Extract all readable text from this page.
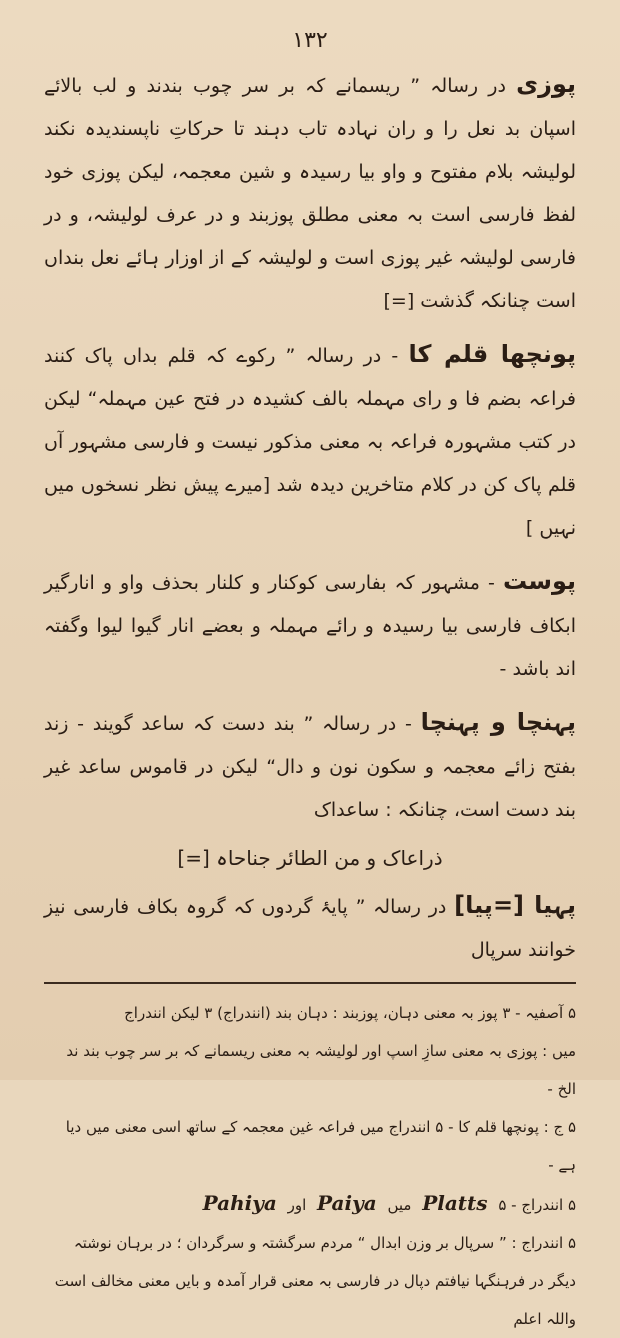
۱۳۲

پوزی در رسالہ ” ریسمانے کہ بر سر چوب بندند و لب بالائے اسپان بد نعل را و ران نہادہ تاب دہند تا حرکاتِ ناپسندیدہ نکند لولیشہ بلام مفتوح و واو بیا رسیدہ و شین معجمہ، لیکن پوزی خود لفظ فارسی است بہ معنی مطلق پوزبند و در عرف لولیشہ، و در فارسی لولیشہ غیر پوزی است و لولیشہ کے از اوزار ہائے نعل بنداں است چنانکہ گذشت [=]

پونچھا قلم کا - در رسالہ ” رکوے کہ قلم بداں پاک کنند فراعہ بضم فا و رای مہملہ بالف کشیدہ در فتح عین مہملہ“ لیکن در کتب مشہورہ فراعہ بہ معنی مذکور نیست و فارسی مشہور آں قلم پاک کن در کلام متاخرین دیدہ شد [میرے پیش نظر نسخوں میں نہیں ]

پوست - مشہور کہ بفارسی کوکنار و کلنار بحذف واو و انارگیر ابکاف فارسی بیا رسیدہ و رائے مہملہ و بعضے انار گیوا لیوا وگفتہ اند باشد -

پہنچا و پہنچا - در رسالہ ” بند دست کہ ساعد گویند - زند بفتح زائے معجمہ و سکون نون و دال“ لیکن در قاموس ساعد غیر بند دست است، چنانکہ : ساعداک

ذراعاک و من الطائر جناحاہ [=]

پہیا [=پیا] در رسالہ ” پایۂ گردوں کہ گروہ بکاف فارسی نیز خوانند سرپال

۵ آصفیہ - ۳ پوز بہ معنی دہان، پوزبند : دہان بند (انندراج) ۳ لیکن انندراج

میں : پوزی بہ معنی سازِ اسپ اور لولیشہ بہ معنی ریسمانے کہ بر سر چوب بند ند الخ -

۵ ج : پونچھا قلم کا - ۵ انندراج میں فراعہ غین معجمہ کے ساتھ اسی معنی میں دیا ہے -

۵ انندراج - ۵ Platts میں Paiya اور Pahiya

۵ انندراج : ” سرپال بر وزن ابدال “ مردم سرگشتہ و سرگردان ؛ در برہان نوشتہ

دیگر در فرہنگہا نیافتم دپال در فارسی بہ معنی قرار آمدہ و بایں معنی مخالف است واللہ اعلم
